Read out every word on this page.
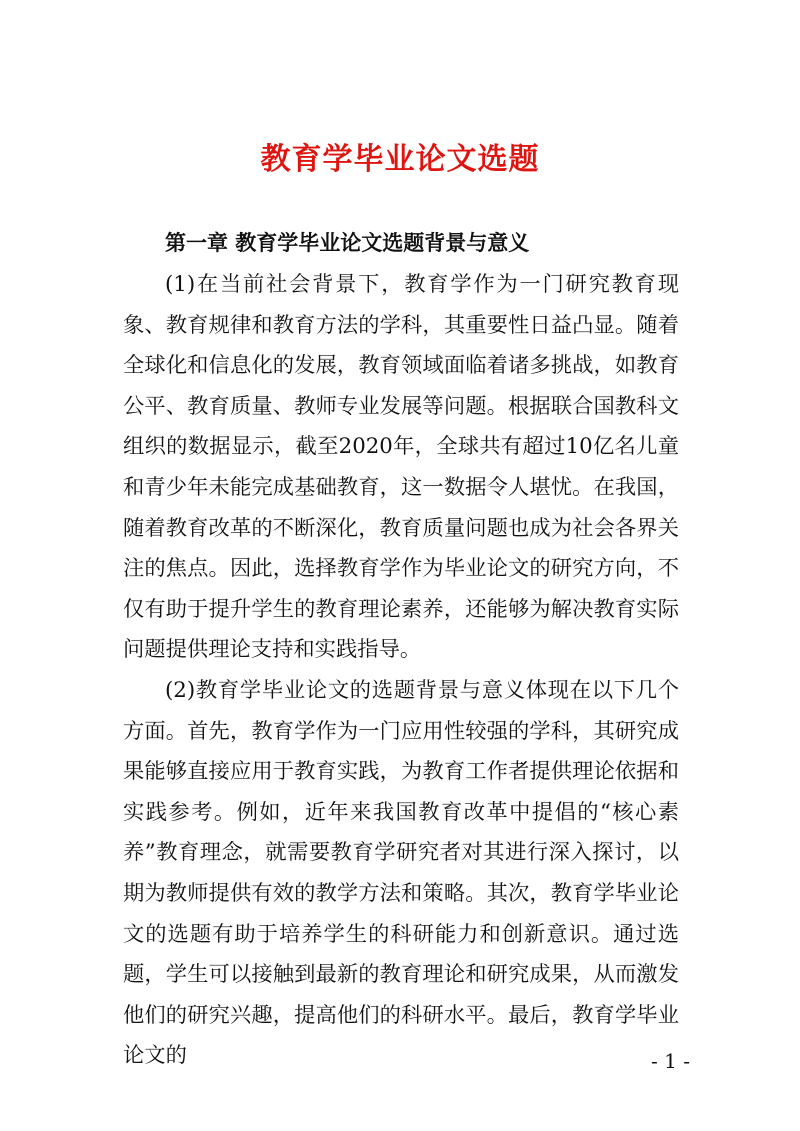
教育学毕业论文选题
第一章 教育学毕业论文选题背景与意义

(1)在当前社会背景下，教育学作为一门研究教育现象、教育规律和教育方法的学科，其重要性日益凸显。随着全球化和信息化的发展，教育领域面临着诸多挑战，如教育公平、教育质量、教师专业发展等问题。根据联合国教科文组织的数据显示，截至2020年，全球共有超过10亿名儿童和青少年未能完成基础教育，这一数据令人堪忧。在我国，随着教育改革的不断深化，教育质量问题也成为社会各界关注的焦点。因此，选择教育学作为毕业论文的研究方向，不仅有助于提升学生的教育理论素养，还能够为解决教育实际问题提供理论支持和实践指导。

(2)教育学毕业论文的选题背景与意义体现在以下几个方面。首先，教育学作为一门应用性较强的学科，其研究成果能够直接应用于教育实践，为教育工作者提供理论依据和实践参考。例如，近年来我国教育改革中提倡的“核心素养”教育理念，就需要教育学研究者对其进行深入探讨，以期为教师提供有效的教学方法和策略。其次，教育学毕业论文的选题有助于培养学生的科研能力和创新意识。通过选题，学生可以接触到最新的教育理论和研究成果，从而激发他们的研究兴趣，提高他们的科研水平。最后，教育学毕业论文的	- 1 -
